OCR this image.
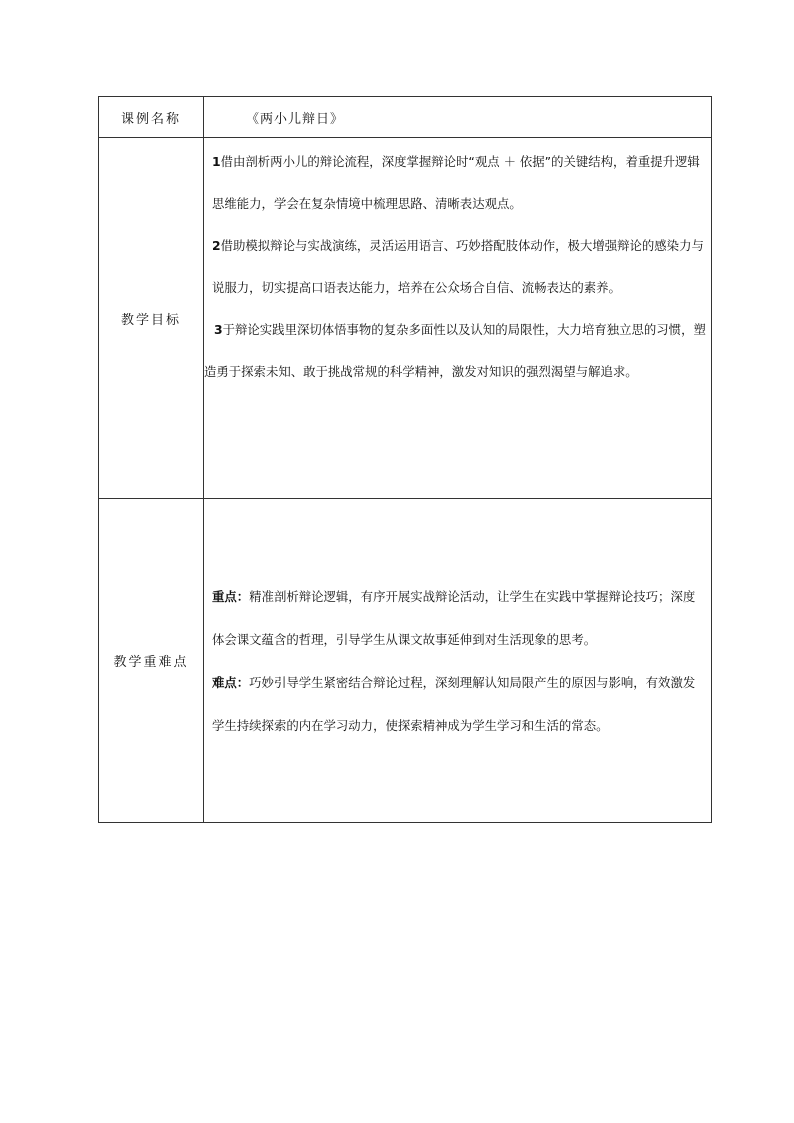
课例名称	《两小儿辩日》
教学目标	1借由剖析两小儿的辩论流程，深度掌握辩论时“观点 ＋ 依据”的关键结构，着重提升逻辑思维能力，学会在复杂情境中梳理思路、清晰表达观点。

2借助模拟辩论与实战演练，灵活运用语言、巧妙搭配肢体动作，极大增强辩论的感染力与说服力，切实提高口语表达能力，培养在公众场合自信、流畅表达的素养。

3于辩论实践里深切体悟事物的复杂多面性以及认知的局限性，大力培育独立思的习惯，塑造勇于探索未知、敢于挑战常规的科学精神，激发对知识的强烈渴望与解追求。

教学重难点	重点：精准剖析辩论逻辑，有序开展实战辩论活动，让学生在实践中掌握辩论技巧；深度体会课文蕴含的哲理，引导学生从课文故事延伸到对生活现象的思考。

难点：巧妙引导学生紧密结合辩论过程，深刻理解认知局限产生的原因与影响，有效激发学生持续探索的内在学习动力，使探索精神成为学生学习和生活的常态。
